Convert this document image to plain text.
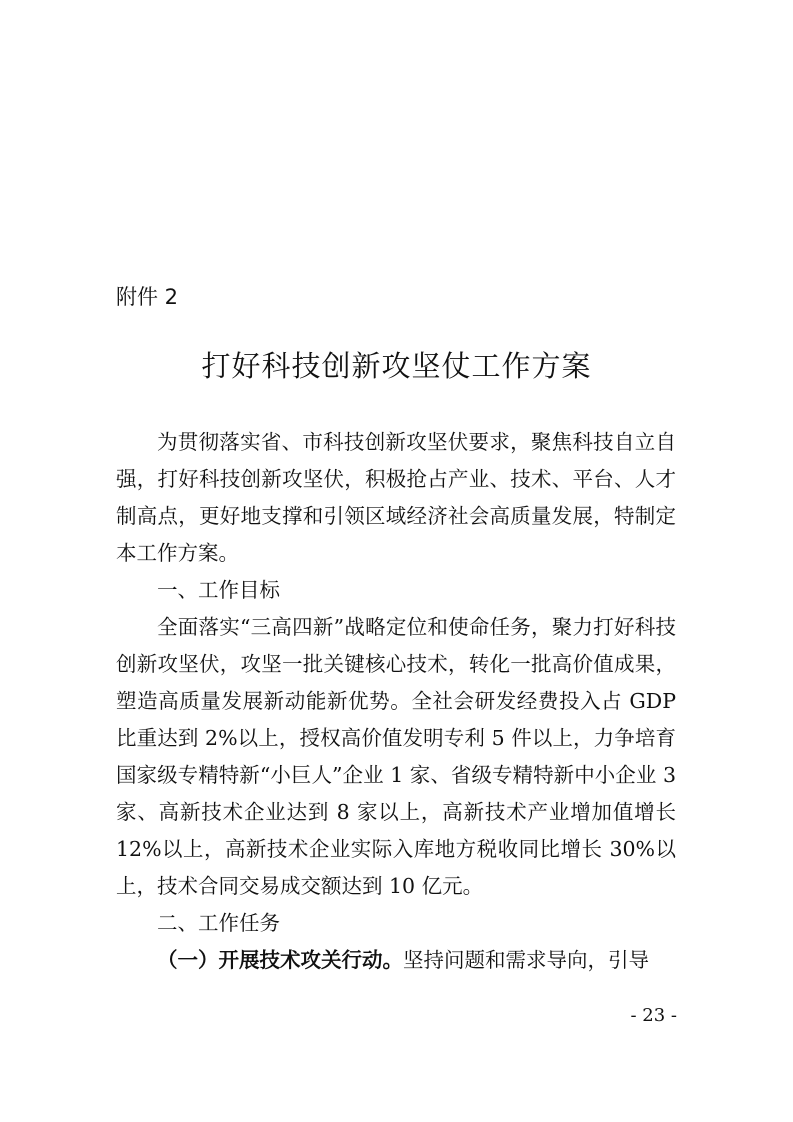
附件 2
打好科技创新攻坚仗工作方案

为贯彻落实省、市科技创新攻坚伏要求，聚焦科技自立自强，打好科技创新攻坚伏，积极抢占产业、技术、平台、人才制高点，更好地支撑和引领区域经济社会高质量发展，特制定本工作方案。

一、工作目标

全面落实“三高四新”战略定位和使命任务，聚力打好科技创新攻坚伏，攻坚一批关键核心技术，转化一批高价值成果，塑造高质量发展新动能新优势。全社会研发经费投入占 GDP 比重达到 2%以上，授权高价值发明专利 5 件以上，力争培育国家级专精特新“小巨人”企业 1 家、省级专精特新中小企业 3 家、高新技术企业达到 8 家以上，高新技术产业增加值增长 12%以上，高新技术企业实际入库地方税收同比增长 30%以上，技术合同交易成交额达到 10 亿元。

二、工作任务

（一）开展技术攻关行动。坚持问题和需求导向，引导

- 23 -
